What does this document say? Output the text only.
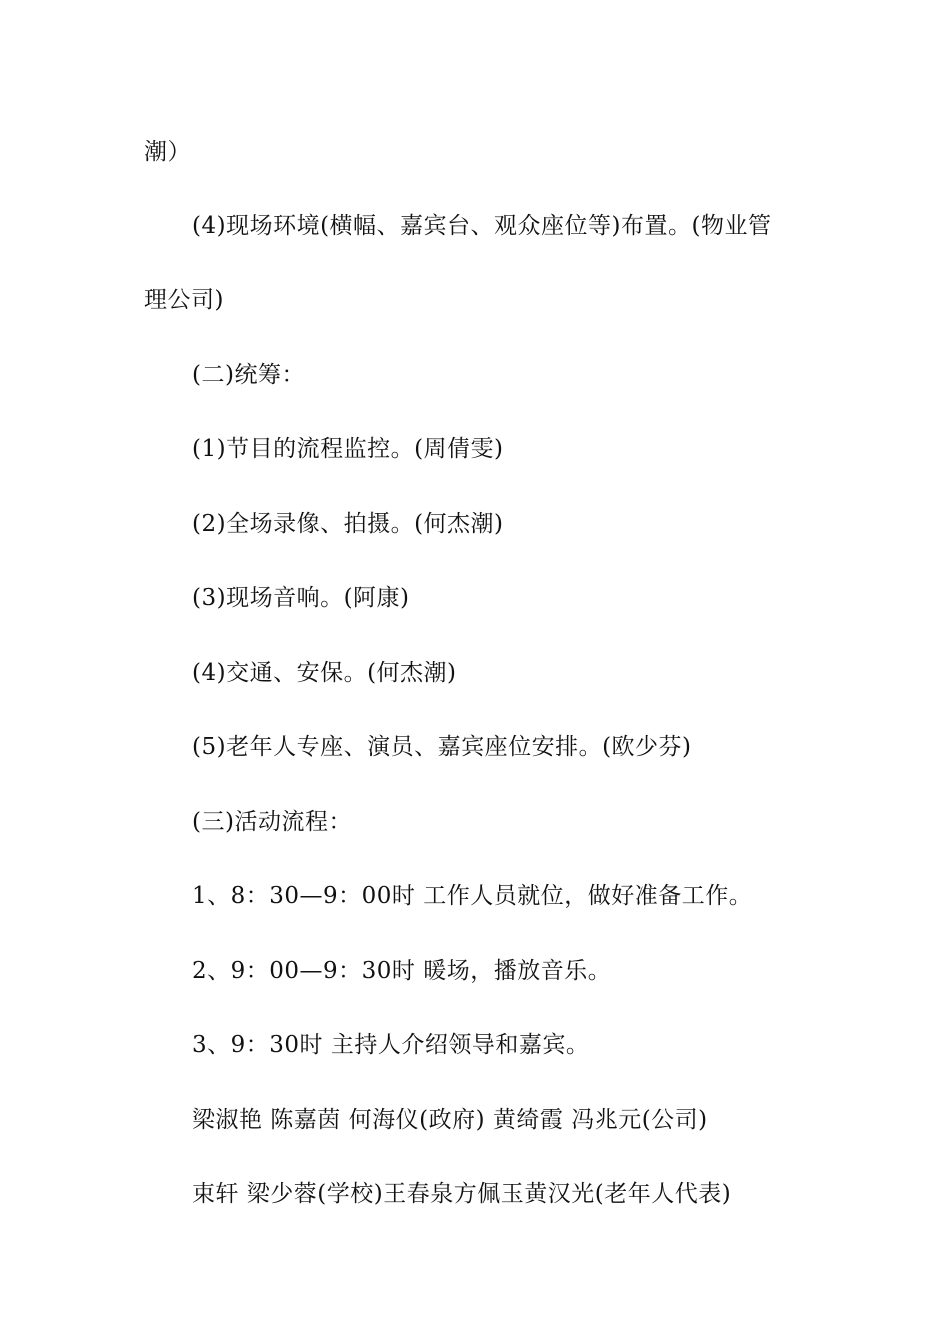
潮）
(4)现场环境(横幅、嘉宾台、观众座位等)布置。(物业管
理公司)
(二)统筹：
(1)节目的流程监控。(周倩雯)
(2)全场录像、拍摄。(何杰潮)
(3)现场音响。(阿康)
(4)交通、安保。(何杰潮)
(5)老年人专座、演员、嘉宾座位安排。(欧少芬)
(三)活动流程：
1、8：30—9：00时 工作人员就位，做好准备工作。
2、9：00—9：30时 暖场，播放音乐。
3、9：30时 主持人介绍领导和嘉宾。
梁淑艳 陈嘉茵 何海仪(政府) 黄绮霞 冯兆元(公司)
束轩 梁少蓉(学校)王春泉方佩玉黄汉光(老年人代表)
